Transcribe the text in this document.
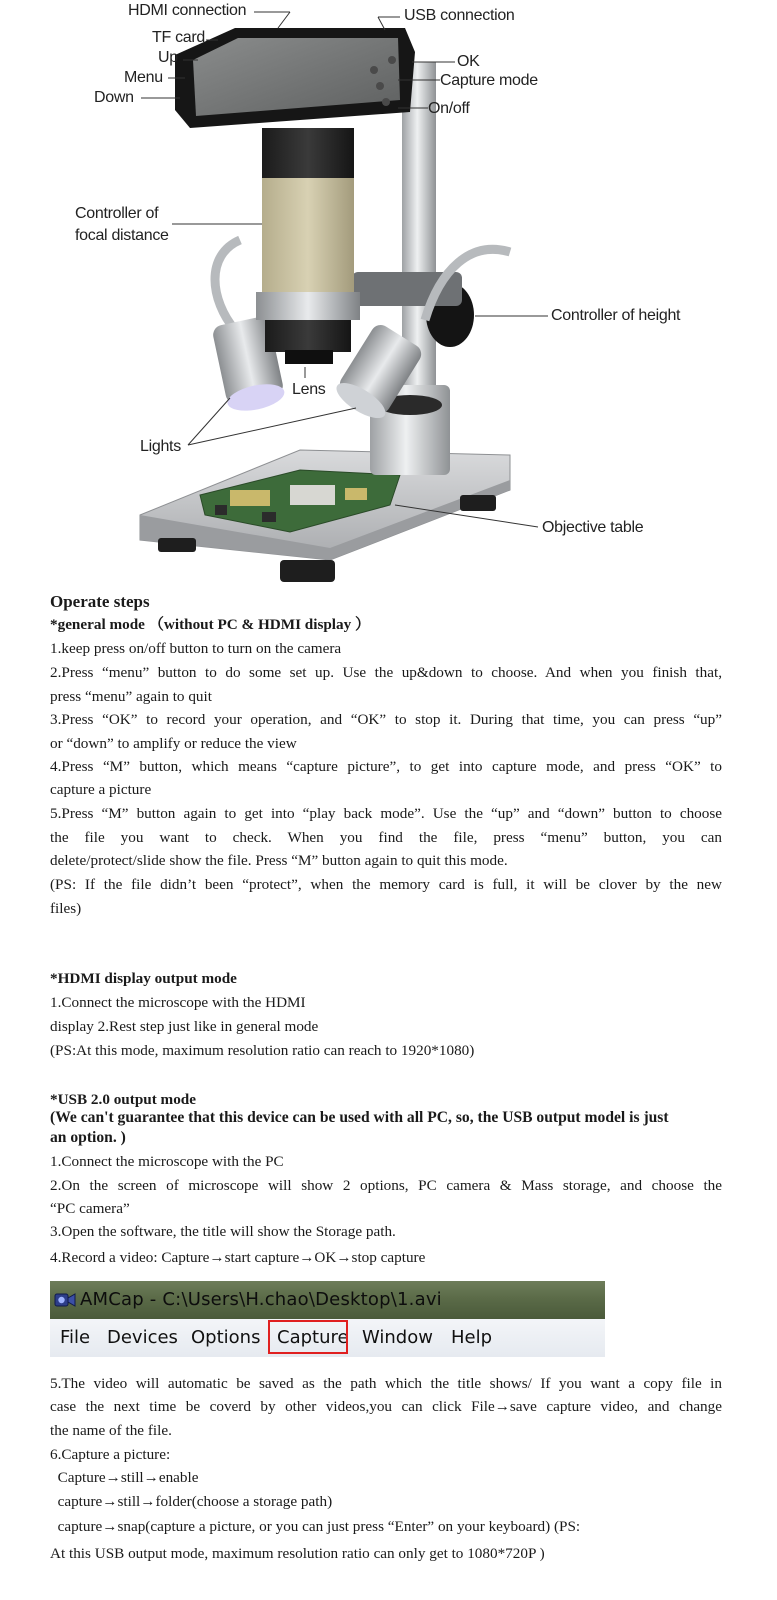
HDMI connection
TF card
Up
Menu
Down
USB connection
OK
Capture mode
On/off
Controller of
focal distance
Controller of height
Lens
Lights
Objective table
Operate steps
*general mode （without PC & HDMI display ）
1.keep press on/off button to turn on the camera
2.Press “menu” button to do some set up. Use the up&down to choose. And when you finish that,
press “menu” again to quit
3.Press “OK” to record your operation, and “OK” to stop it. During that time, you can press “up”
or “down” to amplify or reduce the view
4.Press “M” button, which means “capture picture”, to get into capture mode, and press “OK” to
capture a picture
5.Press “M” button again to get into “play back mode”. Use the “up” and “down” button to choose
the file you want to check. When you find the file, press “menu” button, you can
delete/protect/slide show the file. Press “M” button again to quit this mode.
(PS: If the file didn’t been “protect”, when the memory card is full, it will be clover by the new
files)
*HDMI display output mode
1.Connect the microscope with the HDMI
display 2.Rest step just like in general mode
(PS:At this mode, maximum resolution ratio can reach to 1920*1080)
*USB 2.0 output mode
(We can't guarantee that this device can be used with all PC, so, the USB output model is just
an option. )
1.Connect the microscope with the PC
2.On the screen of microscope will show 2 options, PC camera & Mass storage, and choose the
“PC camera”
3.Open the software, the title will show the Storage path.
4.Record a video: Capture→start capture→OK→stop capture
AMCap - C:\Users\H.chao\Desktop\1.avi
File Devices Options Capture Window Help
5.The video will automatic be saved as the path which the title shows/ If you want a copy file in
case the next time be coverd by other videos,you can click File→save capture video, and change
the name of the file.
6.Capture a picture:
Capture→still→enable
capture→still→folder(choose a storage path)
capture→snap(capture a picture, or you can just press “Enter” on your keyboard) (PS:
At this USB output mode, maximum resolution ratio can only get to 1080*720P )
